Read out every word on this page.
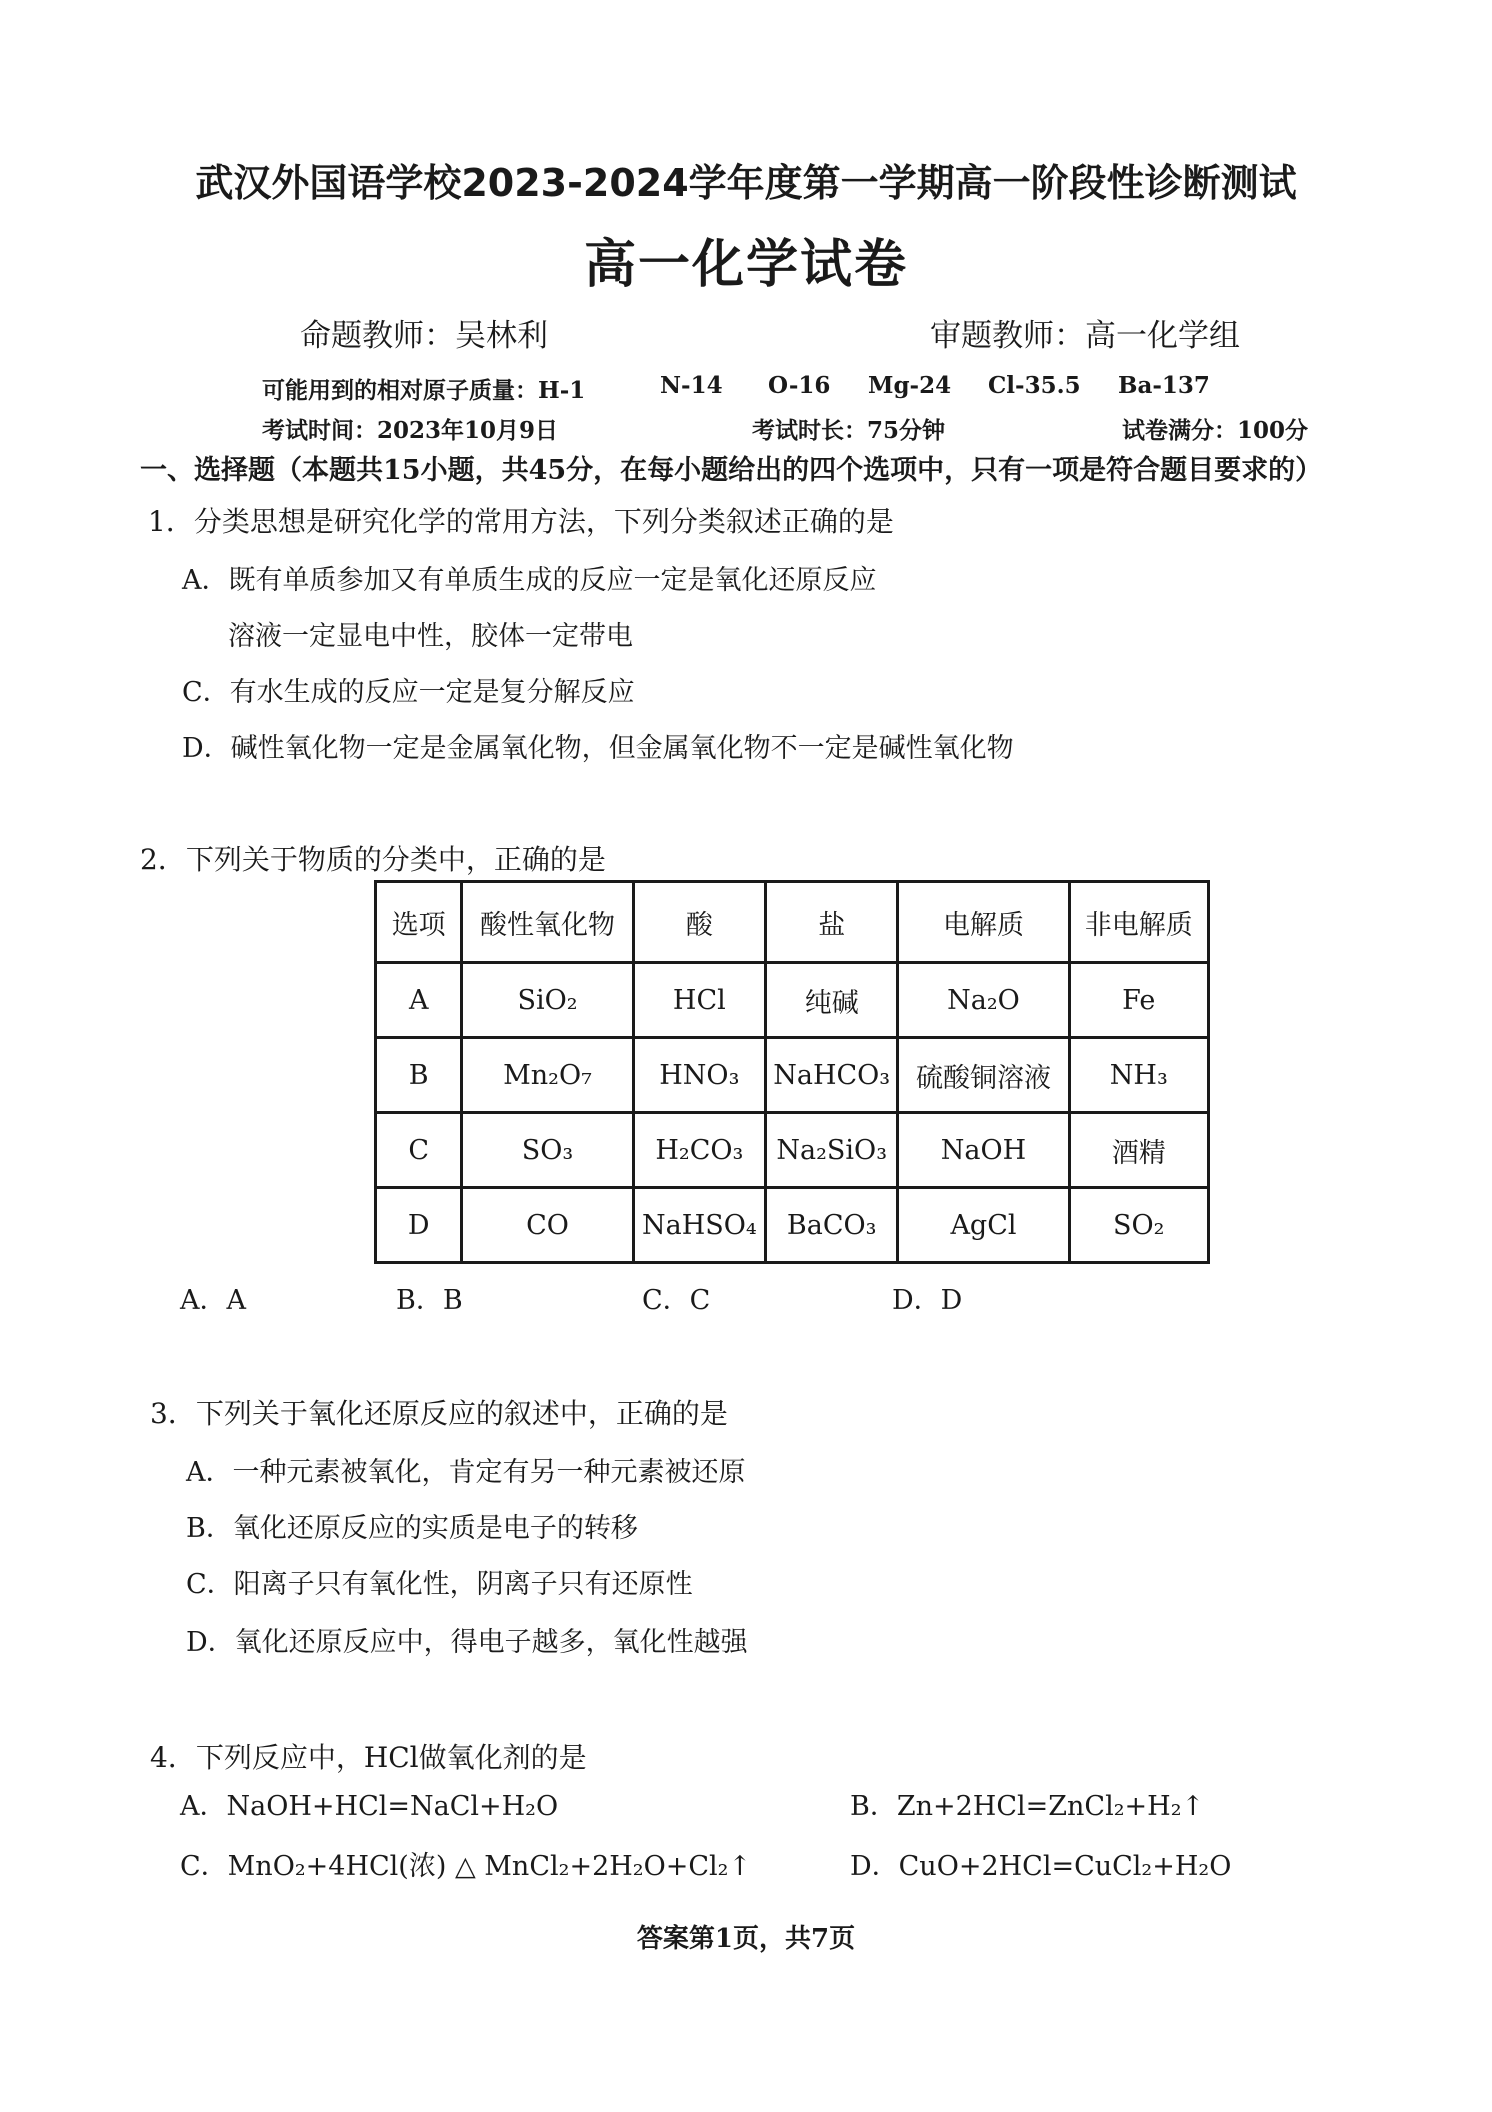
武汉外国语学校2023-2024学年度第一学期高一阶段性诊断测试
高一化学试卷
命题教师：吴林利	审题教师：高一化学组
可能用到的相对原子质量：H-1	N-14 O-16 Mg-24 Cl-35.5 Ba-137
考试时间：2023年10月9日	考试时长：75分钟	试卷满分：100分
一、选择题（本题共15小题，共45分，在每小题给出的四个选项中，只有一项是符合题目要求的）
1．分类思想是研究化学的常用方法，下列分类叙述正确的是
A．既有单质参加又有单质生成的反应一定是氧化还原反应
溶液一定显电中性，胶体一定带电
C．有水生成的反应一定是复分解反应
D．碱性氧化物一定是金属氧化物，但金属氧化物不一定是碱性氧化物
2．下列关于物质的分类中，正确的是
选项	酸性氧化物	酸	盐	电解质	非电解质
A	SiO₂	HCl	纯碱	Na₂O	Fe
B	Mn₂O₇	HNO₃	NaHCO₃	硫酸铜溶液	NH₃
C	SO₃	H₂CO₃	Na₂SiO₃	NaOH	酒精
D	CO	NaHSO₄	BaCO₃	AgCl	SO₂
A．A	B．B	C．C	D．D
3．下列关于氧化还原反应的叙述中，正确的是
A．一种元素被氧化，肯定有另一种元素被还原
B．氧化还原反应的实质是电子的转移
C．阳离子只有氧化性，阴离子只有还原性
D．氧化还原反应中，得电子越多，氧化性越强
4．下列反应中，HCl做氧化剂的是
A．NaOH+HCl=NaCl+H₂O	B．Zn+2HCl=ZnCl₂+H₂↑
C．MnO₂+4HCl(浓) △ MnCl₂+2H₂O+Cl₂↑	D．CuO+2HCl=CuCl₂+H₂O
答案第1页，共7页
